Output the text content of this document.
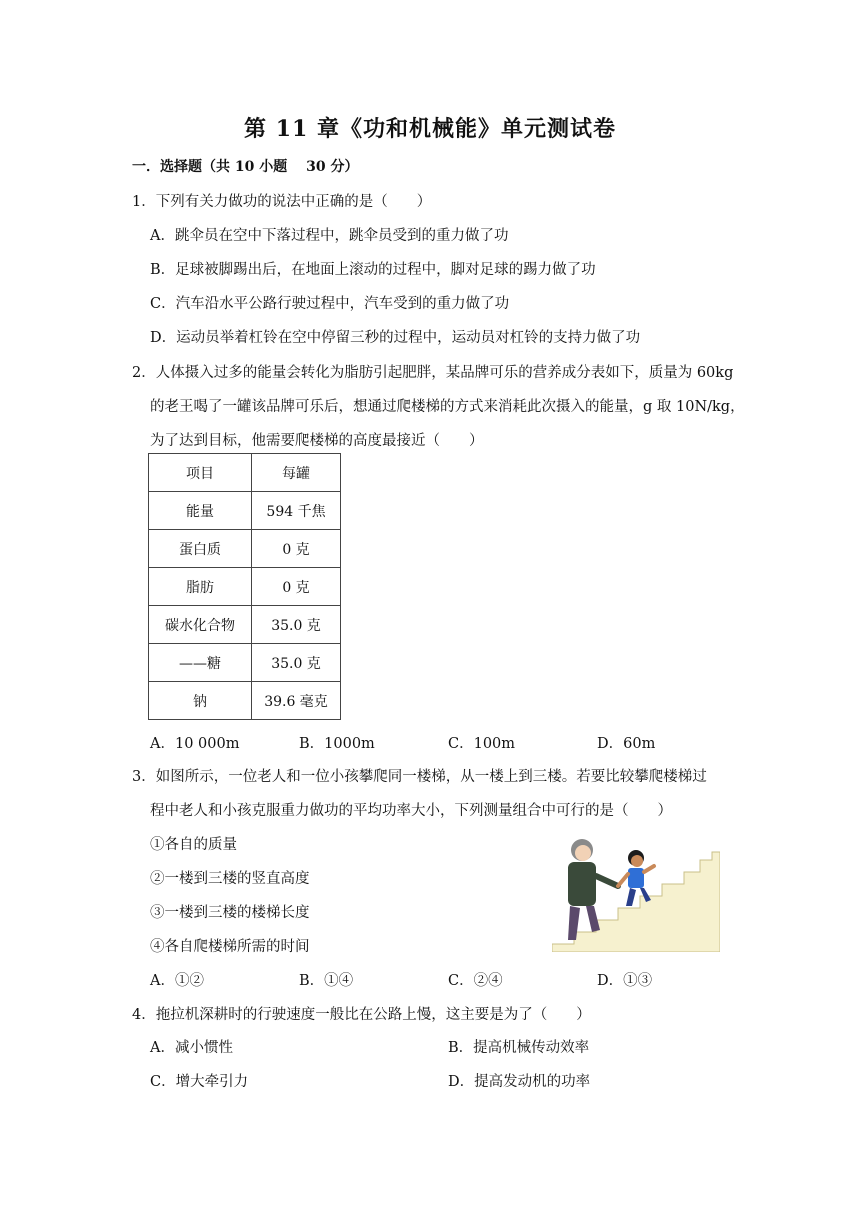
第 11 章《功和机械能》单元测试卷
一．选择题（共 10 小题　 30 分）
1．下列有关力做功的说法中正确的是（　　）
A．跳伞员在空中下落过程中，跳伞员受到的重力做了功
B．足球被脚踢出后，在地面上滚动的过程中，脚对足球的踢力做了功
C．汽车沿水平公路行驶过程中，汽车受到的重力做了功
D．运动员举着杠铃在空中停留三秒的过程中，运动员对杠铃的支持力做了功
2．人体摄入过多的能量会转化为脂肪引起肥胖，某品牌可乐的营养成分表如下，质量为 60kg
的老王喝了一罐该品牌可乐后，想通过爬楼梯的方式来消耗此次摄入的能量，g 取 10N/kg，
为了达到目标，他需要爬楼梯的高度最接近（　　）
项目	每罐
能量	594 千焦
蛋白质	0 克
脂肪	0 克
碳水化合物	35.0 克
——糖	35.0 克
钠	39.6 毫克
A．10 000m	B．1000m	C．100m	D．60m
3．如图所示，一位老人和一位小孩攀爬同一楼梯，从一楼上到三楼。若要比较攀爬楼梯过
程中老人和小孩克服重力做功的平均功率大小，下列测量组合中可行的是（　　）
①各自的质量
②一楼到三楼的竖直高度
③一楼到三楼的楼梯长度
④各自爬楼梯所需的时间
A．①②	B．①④	C．②④	D．①③
4．拖拉机深耕时的行驶速度一般比在公路上慢，这主要是为了（　　）
A．减小惯性	B．提高机械传动效率
C．增大牵引力	D．提高发动机的功率
